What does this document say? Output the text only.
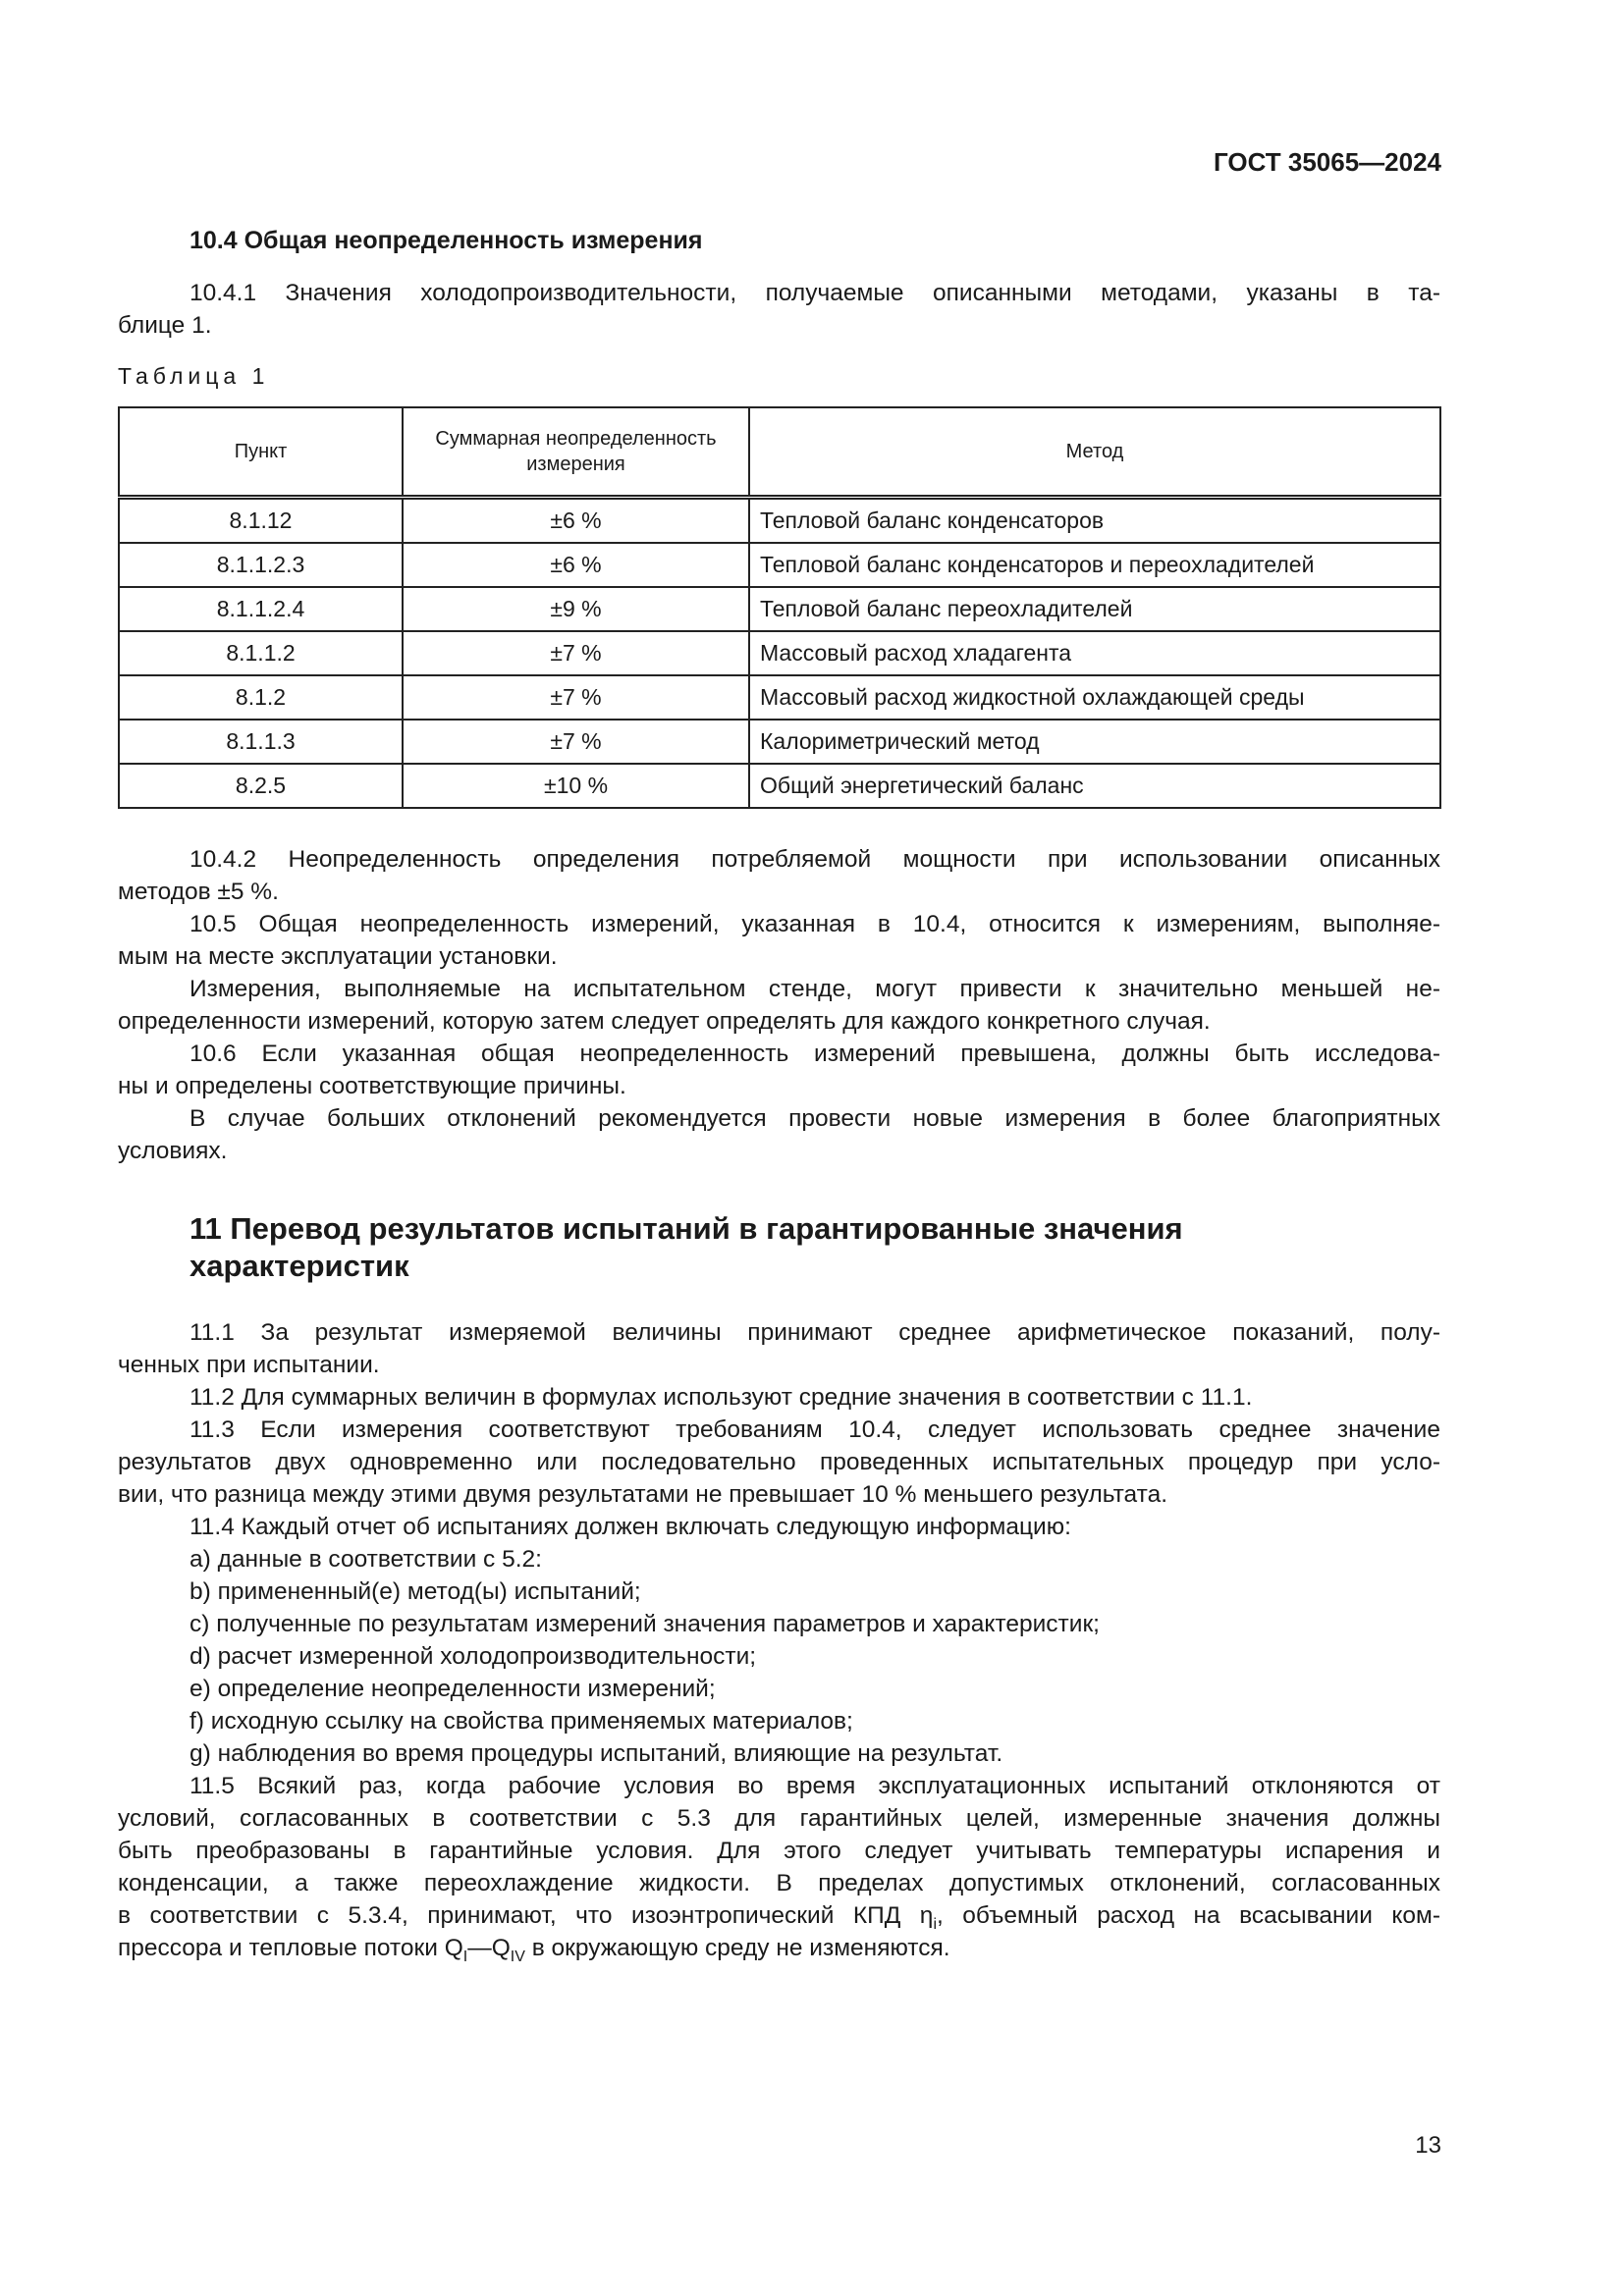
ГОСТ 35065—2024
10.4 Общая неопределенность измерения
10.4.1 Значения холодопроизводительности, получаемые описанными методами, указаны в та-
блице 1.
Таблица 1
Пункт	Суммарная неопределенность измерения	Метод
8.1.12	±6 %	Тепловой баланс конденсаторов
8.1.1.2.3	±6 %	Тепловой баланс конденсаторов и переохладителей
8.1.1.2.4	±9 %	Тепловой баланс переохладителей
8.1.1.2	±7 %	Массовый расход хладагента
8.1.2	±7 %	Массовый расход жидкостной охлаждающей среды
8.1.1.3	±7 %	Калориметрический метод
8.2.5	±10 %	Общий энергетический баланс
10.4.2 Неопределенность определения потребляемой мощности при использовании описанных
методов ±5 %.
10.5 Общая неопределенность измерений, указанная в 10.4, относится к измерениям, выполняе-
мым на месте эксплуатации установки.
Измерения, выполняемые на испытательном стенде, могут привести к значительно меньшей не-
определенности измерений, которую затем следует определять для каждого конкретного случая.
10.6 Если указанная общая неопределенность измерений превышена, должны быть исследова-
ны и определены соответствующие причины.
В случае больших отклонений рекомендуется провести новые измерения в более благоприятных
условиях.
11 Перевод результатов испытаний в гарантированные значения
характеристик
11.1 За результат измеряемой величины принимают среднее арифметическое показаний, полу-
ченных при испытании.
11.2 Для суммарных величин в формулах используют средние значения в соответствии с 11.1.
11.3 Если измерения соответствуют требованиям 10.4, следует использовать среднее значение
результатов двух одновременно или последовательно проведенных испытательных процедур при усло-
вии, что разница между этими двумя результатами не превышает 10 % меньшего результата.
11.4 Каждый отчет об испытаниях должен включать следующую информацию:
a) данные в соответствии с 5.2:
b) примененный(е) метод(ы) испытаний;
c) полученные по результатам измерений значения параметров и характеристик;
d) расчет измеренной холодопроизводительности;
e) определение неопределенности измерений;
f) исходную ссылку на свойства применяемых материалов;
g) наблюдения во время процедуры испытаний, влияющие на результат.
11.5 Всякий раз, когда рабочие условия во время эксплуатационных испытаний отклоняются от
условий, согласованных в соответствии с 5.3 для гарантийных целей, измеренные значения должны
быть преобразованы в гарантийные условия. Для этого следует учитывать температуры испарения и
конденсации, а также переохлаждение жидкости. В пределах допустимых отклонений, согласованных
в соответствии с 5.3.4, принимают, что изоэнтропический КПД $\eta_i$, объемный расход на всасывании ком-
прессора и тепловые потоки $Q_I—Q_{IV}$ в окружающую среду не изменяются.
13
